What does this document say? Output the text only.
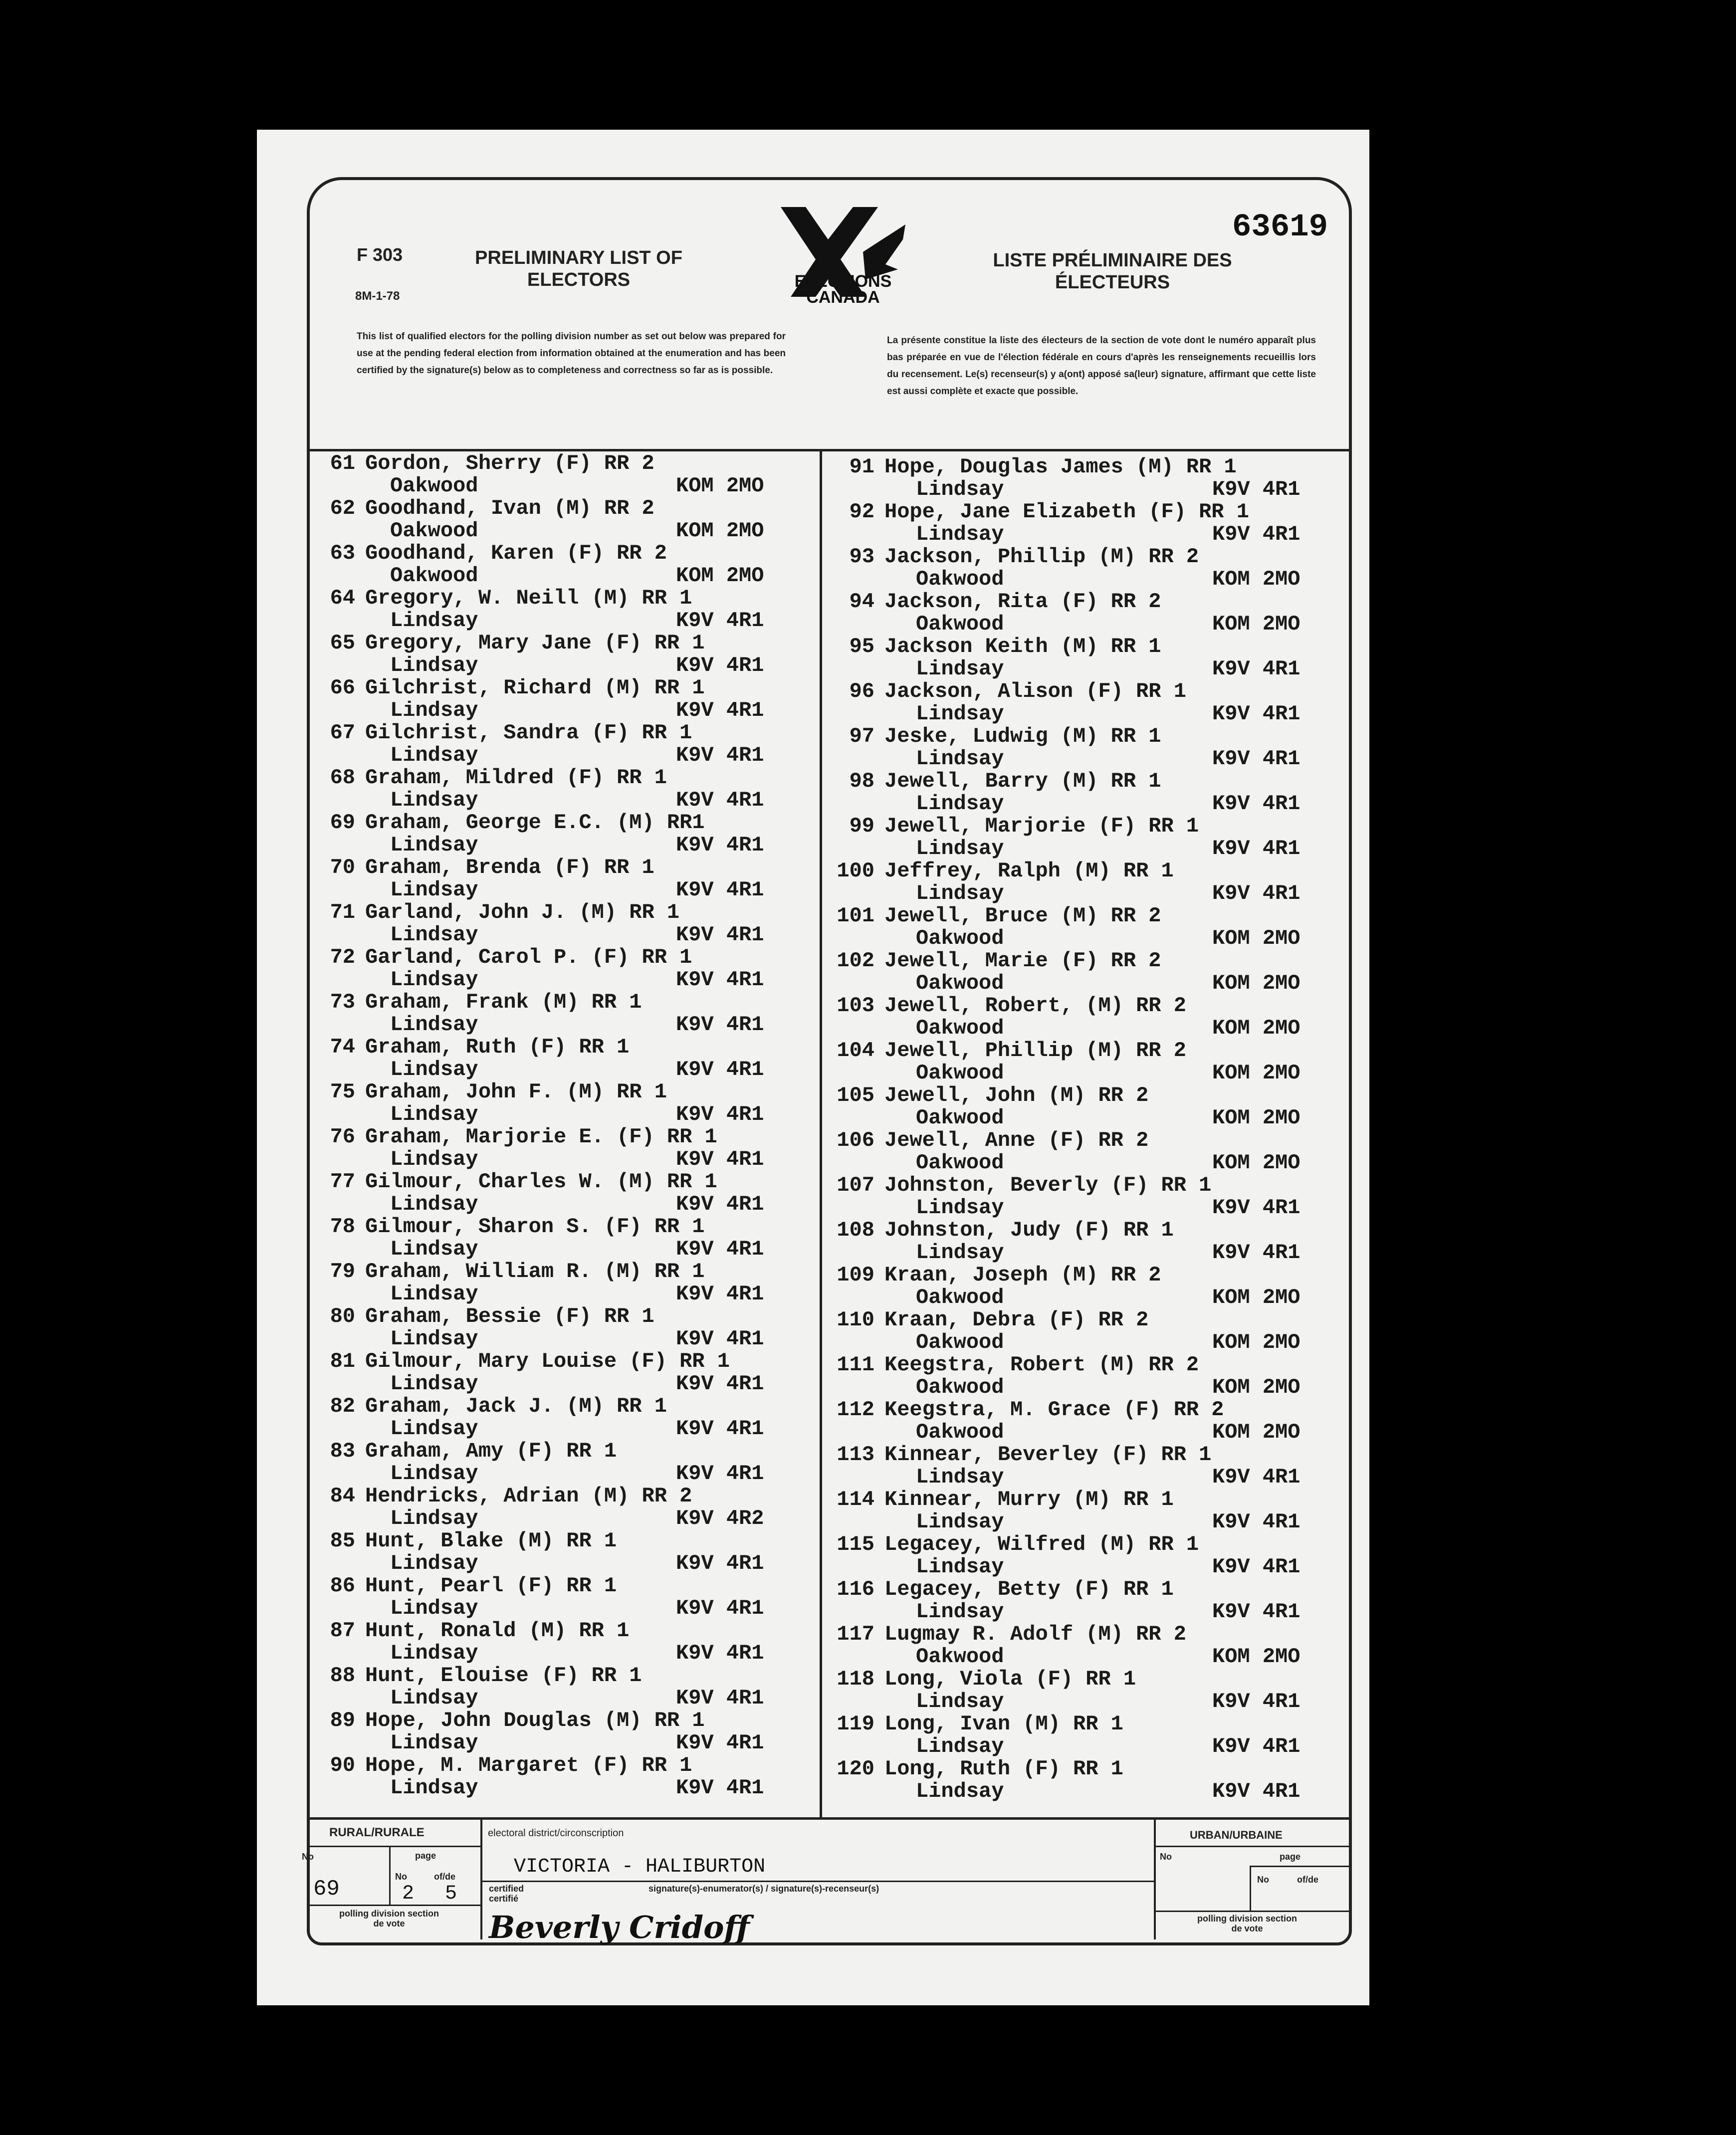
F 303
8M-1-78
PRELIMINARY LIST OF ELECTORS
LISTE PRÉLIMINAIRE DES ÉLECTEURS
63619
ELECTIONS CANADA
This list of qualified electors for the polling division number as set out below was prepared for use at the pending federal election from information obtained at the enumeration and has been certified by the signature(s) below as to completeness and correctness so far as is possible.
La présente constitue la liste des électeurs de la section de vote dont le numéro apparaît plus bas préparée en vue de l'élection fédérale en cours d'après les renseignements recueillis lors du recensement. Le(s) recenseur(s) y a(ont) apposé sa(leur) signature, affirmant que cette liste est aussi complète et exacte que possible.
61 Gordon, Sherry (F) RR 2
Oakwood	KOM 2MO
62 Goodhand, Ivan (M) RR 2
Oakwood	KOM 2MO
63 Goodhand, Karen (F) RR 2
Oakwood	KOM 2MO
64 Gregory, W. Neill (M) RR 1
Lindsay	K9V 4R1
65 Gregory, Mary Jane (F) RR 1
Lindsay	K9V 4R1
66 Gilchrist, Richard (M) RR 1
Lindsay	K9V 4R1
67 Gilchrist, Sandra (F) RR 1
Lindsay	K9V 4R1
68 Graham, Mildred (F) RR 1
Lindsay	K9V 4R1
69 Graham, George E.C. (M) RR1
Lindsay	K9V 4R1
70 Graham, Brenda (F) RR 1
Lindsay	K9V 4R1
71 Garland, John J. (M) RR 1
Lindsay	K9V 4R1
72 Garland, Carol P. (F) RR 1
Lindsay	K9V 4R1
73 Graham, Frank (M) RR 1
Lindsay	K9V 4R1
74 Graham, Ruth (F) RR 1
Lindsay	K9V 4R1
75 Graham, John F. (M) RR 1
Lindsay	K9V 4R1
76 Graham, Marjorie E. (F) RR 1
Lindsay	K9V 4R1
77 Gilmour, Charles W. (M) RR 1
Lindsay	K9V 4R1
78 Gilmour, Sharon S. (F) RR 1
Lindsay	K9V 4R1
79 Graham, William R. (M) RR 1
Lindsay	K9V 4R1
80 Graham, Bessie (F) RR 1
Lindsay	K9V 4R1
81 Gilmour, Mary Louise (F) RR 1
Lindsay	K9V 4R1
82 Graham, Jack J. (M) RR 1
Lindsay	K9V 4R1
83 Graham, Amy (F) RR 1
Lindsay	K9V 4R1
84 Hendricks, Adrian (M) RR 2
Lindsay	K9V 4R2
85 Hunt, Blake (M) RR 1
Lindsay	K9V 4R1
86 Hunt, Pearl (F) RR 1
Lindsay	K9V 4R1
87 Hunt, Ronald (M) RR 1
Lindsay	K9V 4R1
88 Hunt, Elouise (F) RR 1
Lindsay	K9V 4R1
89 Hope, John Douglas (M) RR 1
Lindsay	K9V 4R1
90 Hope, M. Margaret (F) RR 1
Lindsay	K9V 4R1
91 Hope, Douglas James (M) RR 1
Lindsay	K9V 4R1
92 Hope, Jane Elizabeth (F) RR 1
Lindsay	K9V 4R1
93 Jackson, Phillip (M) RR 2
Oakwood	KOM 2MO
94 Jackson, Rita (F) RR 2
Oakwood	KOM 2MO
95 Jackson Keith (M) RR 1
Lindsay	K9V 4R1
96 Jackson, Alison (F) RR 1
Lindsay	K9V 4R1
97 Jeske, Ludwig (M) RR 1
Lindsay	K9V 4R1
98 Jewell, Barry (M) RR 1
Lindsay	K9V 4R1
99 Jewell, Marjorie (F) RR 1
Lindsay	K9V 4R1
100 Jeffrey, Ralph (M) RR 1
Lindsay	K9V 4R1
101 Jewell, Bruce (M) RR 2
Oakwood	KOM 2MO
102 Jewell, Marie (F) RR 2
Oakwood	KOM 2MO
103 Jewell, Robert, (M) RR 2
Oakwood	KOM 2MO
104 Jewell, Phillip (M) RR 2
Oakwood	KOM 2MO
105 Jewell, John (M) RR 2
Oakwood	KOM 2MO
106 Jewell, Anne (F) RR 2
Oakwood	KOM 2MO
107 Johnston, Beverly (F) RR 1
Lindsay	K9V 4R1
108 Johnston, Judy (F) RR 1
Lindsay	K9V 4R1
109 Kraan, Joseph (M) RR 2
Oakwood	KOM 2MO
110 Kraan, Debra (F) RR 2
Oakwood	KOM 2MO
111 Keegstra, Robert (M) RR 2
Oakwood	KOM 2MO
112 Keegstra, M. Grace (F) RR 2
Oakwood	KOM 2MO
113 Kinnear, Beverley (F) RR 1
Lindsay	K9V 4R1
114 Kinnear, Murry (M) RR 1
Lindsay	K9V 4R1
115 Legacey, Wilfred (M) RR 1
Lindsay	K9V 4R1
116 Legacey, Betty (F) RR 1
Lindsay	K9V 4R1
117 Lugmay R. Adolf (M) RR 2
Oakwood	KOM 2MO
118 Long, Viola (F) RR 1
Lindsay	K9V 4R1
119 Long, Ivan (M) RR 1
Lindsay	K9V 4R1
120 Long, Ruth (F) RR 1
Lindsay	K9V 4R1
RURAL/RURALE
No	page
No	of/de
69	2 5
polling division section de vote
electoral district/circonscription
VICTORIA - HALIBURTON
certified certifié
signature(s)-enumerator(s) / signature(s)-recenseur(s)
Beverly Cridoff
URBAN/URBAINE
No	page
No	of/de
polling division section de vote
